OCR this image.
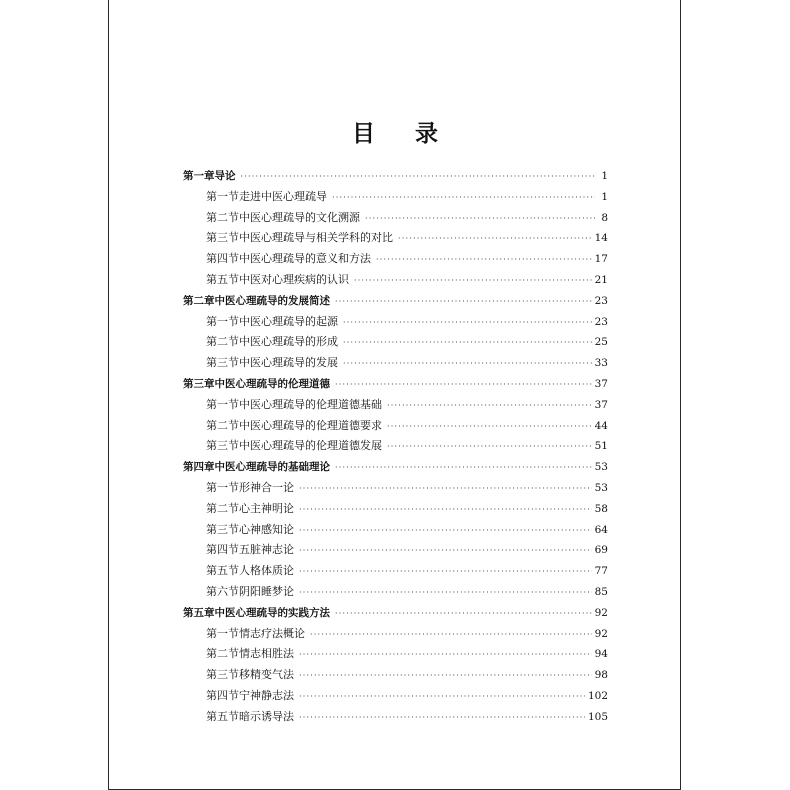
目 录
第一章 导论 ·····	1
第一节 走进中医心理疏导 ·····	1
第二节 中医心理疏导的文化溯源 ·····	8
第三节 中医心理疏导与相关学科的对比 ·····	14
第四节 中医心理疏导的意义和方法 ·····	17
第五节 中医对心理疾病的认识 ·····	21
第二章 中医心理疏导的发展简述 ·····	23
第一节 中医心理疏导的起源 ·····	23
第二节 中医心理疏导的形成 ·····	25
第三节 中医心理疏导的发展 ·····	33
第三章 中医心理疏导的伦理道德 ·····	37
第一节 中医心理疏导的伦理道德基础 ·····	37
第二节 中医心理疏导的伦理道德要求 ·····	44
第三节 中医心理疏导的伦理道德发展 ·····	51
第四章 中医心理疏导的基础理论 ·····	53
第一节 形神合一论 ·····	53
第二节 心主神明论 ·····	58
第三节 心神感知论 ·····	64
第四节 五脏神志论 ·····	69
第五节 人格体质论 ·····	77
第六节 阴阳睡梦论 ·····	85
第五章 中医心理疏导的实践方法 ·····	92
第一节 情志疗法概论 ·····	92
第二节 情志相胜法 ·····	94
第三节 移精变气法 ·····	98
第四节 宁神静志法 ·····	102
第五节 暗示诱导法 ·····	105
